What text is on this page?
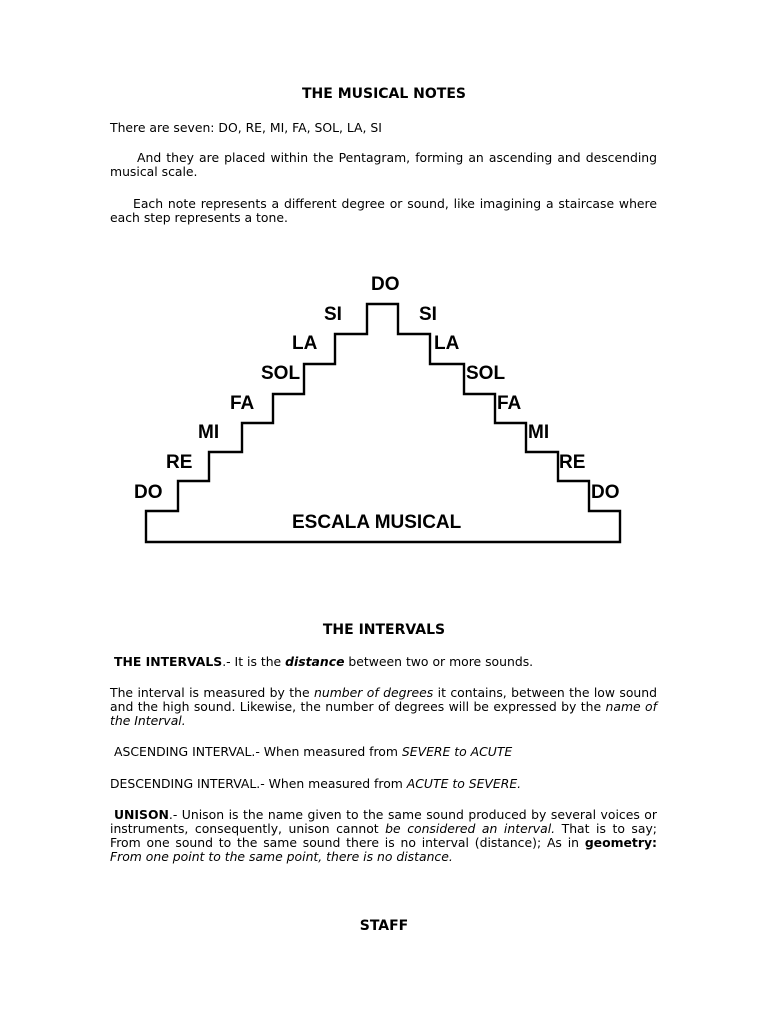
THE MUSICAL NOTES

There are seven: DO, RE, MI, FA, SOL, LA, SI

And they are placed within the Pentagram, forming an ascending and descending musical scale.

Each note represents a different degree or sound, like imagining a staircase where each step represents a tone.

DO
RE
MI
FA
SOL
LA
SI
DO
SI
LA
SOL
FA
MI
RE
DO
ESCALA MUSICAL
THE INTERVALS

THE INTERVALS.- It is the distance between two or more sounds.

The interval is measured by the number of degrees it contains, between the low sound and the high sound. Likewise, the number of degrees will be expressed by the name of the Interval.

ASCENDING INTERVAL.- When measured from SEVERE to ACUTE

DESCENDING INTERVAL.- When measured from ACUTE to SEVERE.

UNISON.- Unison is the name given to the same sound produced by several voices or instruments, consequently, unison cannot be considered an interval. That is to say; From one sound to the same sound there is no interval (distance); As in geometry: From one point to the same point, there is no distance.

STAFF
